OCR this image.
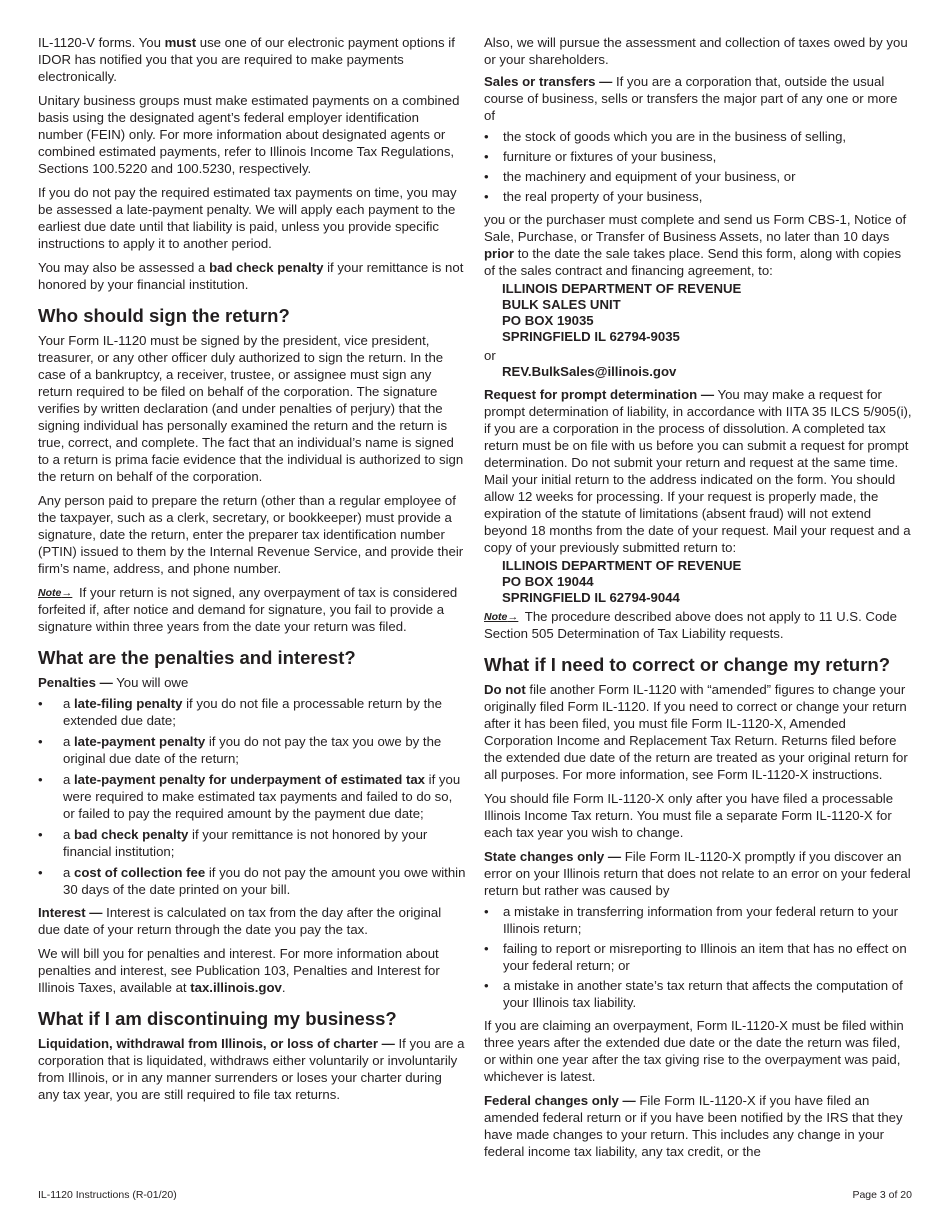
IL-1120-V forms. You must use one of our electronic payment options if IDOR has notified you that you are required to make payments electronically.

Unitary business groups must make estimated payments on a combined basis using the designated agent’s federal employer identification number (FEIN) only. For more information about designated agents or combined estimated payments, refer to Illinois Income Tax Regulations, Sections 100.5220 and 100.5230, respectively.

If you do not pay the required estimated tax payments on time, you may be assessed a late-payment penalty. We will apply each payment to the earliest due date until that liability is paid, unless you provide specific instructions to apply it to another period.

You may also be assessed a bad check penalty if your remittance is not honored by your financial institution.

Who should sign the return?

Your Form IL-1120 must be signed by the president, vice president, treasurer, or any other officer duly authorized to sign the return. In the case of a bankruptcy, a receiver, trustee, or assignee must sign any return required to be filed on behalf of the corporation. The signature verifies by written declaration (and under penalties of perjury) that the signing individual has personally examined the return and the return is true, correct, and complete. The fact that an individual’s name is signed to a return is prima facie evidence that the individual is authorized to sign the return on behalf of the corporation.

Any person paid to prepare the return (other than a regular employee of the taxpayer, such as a clerk, secretary, or bookkeeper) must provide a signature, date the return, enter the preparer tax identification number (PTIN) issued to them by the Internal Revenue Service, and provide their firm’s name, address, and phone number.

Note→ If your return is not signed, any overpayment of tax is considered forfeited if, after notice and demand for signature, you fail to provide a signature within three years from the date your return was filed.

What are the penalties and interest?

Penalties — You will owe

• a late-filing penalty if you do not file a processable return by the extended due date;
• a late-payment penalty if you do not pay the tax you owe by the original due date of the return;
• a late-payment penalty for underpayment of estimated tax if you were required to make estimated tax payments and failed to do so, or failed to pay the required amount by the payment due date;
• a bad check penalty if your remittance is not honored by your financial institution;
• a cost of collection fee if you do not pay the amount you owe within 30 days of the date printed on your bill.

Interest — Interest is calculated on tax from the day after the original due date of your return through the date you pay the tax.

We will bill you for penalties and interest. For more information about penalties and interest, see Publication 103, Penalties and Interest for Illinois Taxes, available at tax.illinois.gov.

What if I am discontinuing my business?

Liquidation, withdrawal from Illinois, or loss of charter — If you are a corporation that is liquidated, withdraws either voluntarily or involuntarily from Illinois, or in any manner surrenders or loses your charter during any tax year, you are still required to file tax returns.

Also, we will pursue the assessment and collection of taxes owed by you or your shareholders.

Sales or transfers — If you are a corporation that, outside the usual course of business, sells or transfers the major part of any one or more of

• the stock of goods which you are in the business of selling,
• furniture or fixtures of your business,
• the machinery and equipment of your business, or
• the real property of your business,

you or the purchaser must complete and send us Form CBS-1, Notice of Sale, Purchase, or Transfer of Business Assets, no later than 10 days prior to the date the sale takes place. Send this form, along with copies of the sales contract and financing agreement, to:

ILLINOIS DEPARTMENT OF REVENUE
BULK SALES UNIT
PO BOX 19035
SPRINGFIELD IL 62794-9035

or

REV.BulkSales@illinois.gov

Request for prompt determination — You may make a request for prompt determination of liability, in accordance with IITA 35 ILCS 5/905(i), if you are a corporation in the process of dissolution. A completed tax return must be on file with us before you can submit a request for prompt determination. Do not submit your return and request at the same time. Mail your initial return to the address indicated on the form. You should allow 12 weeks for processing. If your request is properly made, the expiration of the statute of limitations (absent fraud) will not extend beyond 18 months from the date of your request. Mail your request and a copy of your previously submitted return to:

ILLINOIS DEPARTMENT OF REVENUE
PO BOX 19044
SPRINGFIELD IL 62794-9044

Note→ The procedure described above does not apply to 11 U.S. Code Section 505 Determination of Tax Liability requests.

What if I need to correct or change my return?

Do not file another Form IL-1120 with “amended” figures to change your originally filed Form IL-1120. If you need to correct or change your return after it has been filed, you must file Form IL-1120-X, Amended Corporation Income and Replacement Tax Return. Returns filed before the extended due date of the return are treated as your original return for all purposes. For more information, see Form IL-1120-X instructions.

You should file Form IL-1120-X only after you have filed a processable Illinois Income Tax return. You must file a separate Form IL-1120-X for each tax year you wish to change.

State changes only — File Form IL-1120-X promptly if you discover an error on your Illinois return that does not relate to an error on your federal return but rather was caused by

• a mistake in transferring information from your federal return to your Illinois return;
• failing to report or misreporting to Illinois an item that has no effect on your federal return; or
• a mistake in another state’s tax return that affects the computation of your Illinois tax liability.

If you are claiming an overpayment, Form IL-1120-X must be filed within three years after the extended due date or the date the return was filed, or within one year after the tax giving rise to the overpayment was paid, whichever is latest.

Federal changes only — File Form IL-1120-X if you have filed an amended federal return or if you have been notified by the IRS that they have made changes to your return. This includes any change in your federal income tax liability, any tax credit, or the

IL-1120 Instructions (R-01/20)	Page 3 of 20
